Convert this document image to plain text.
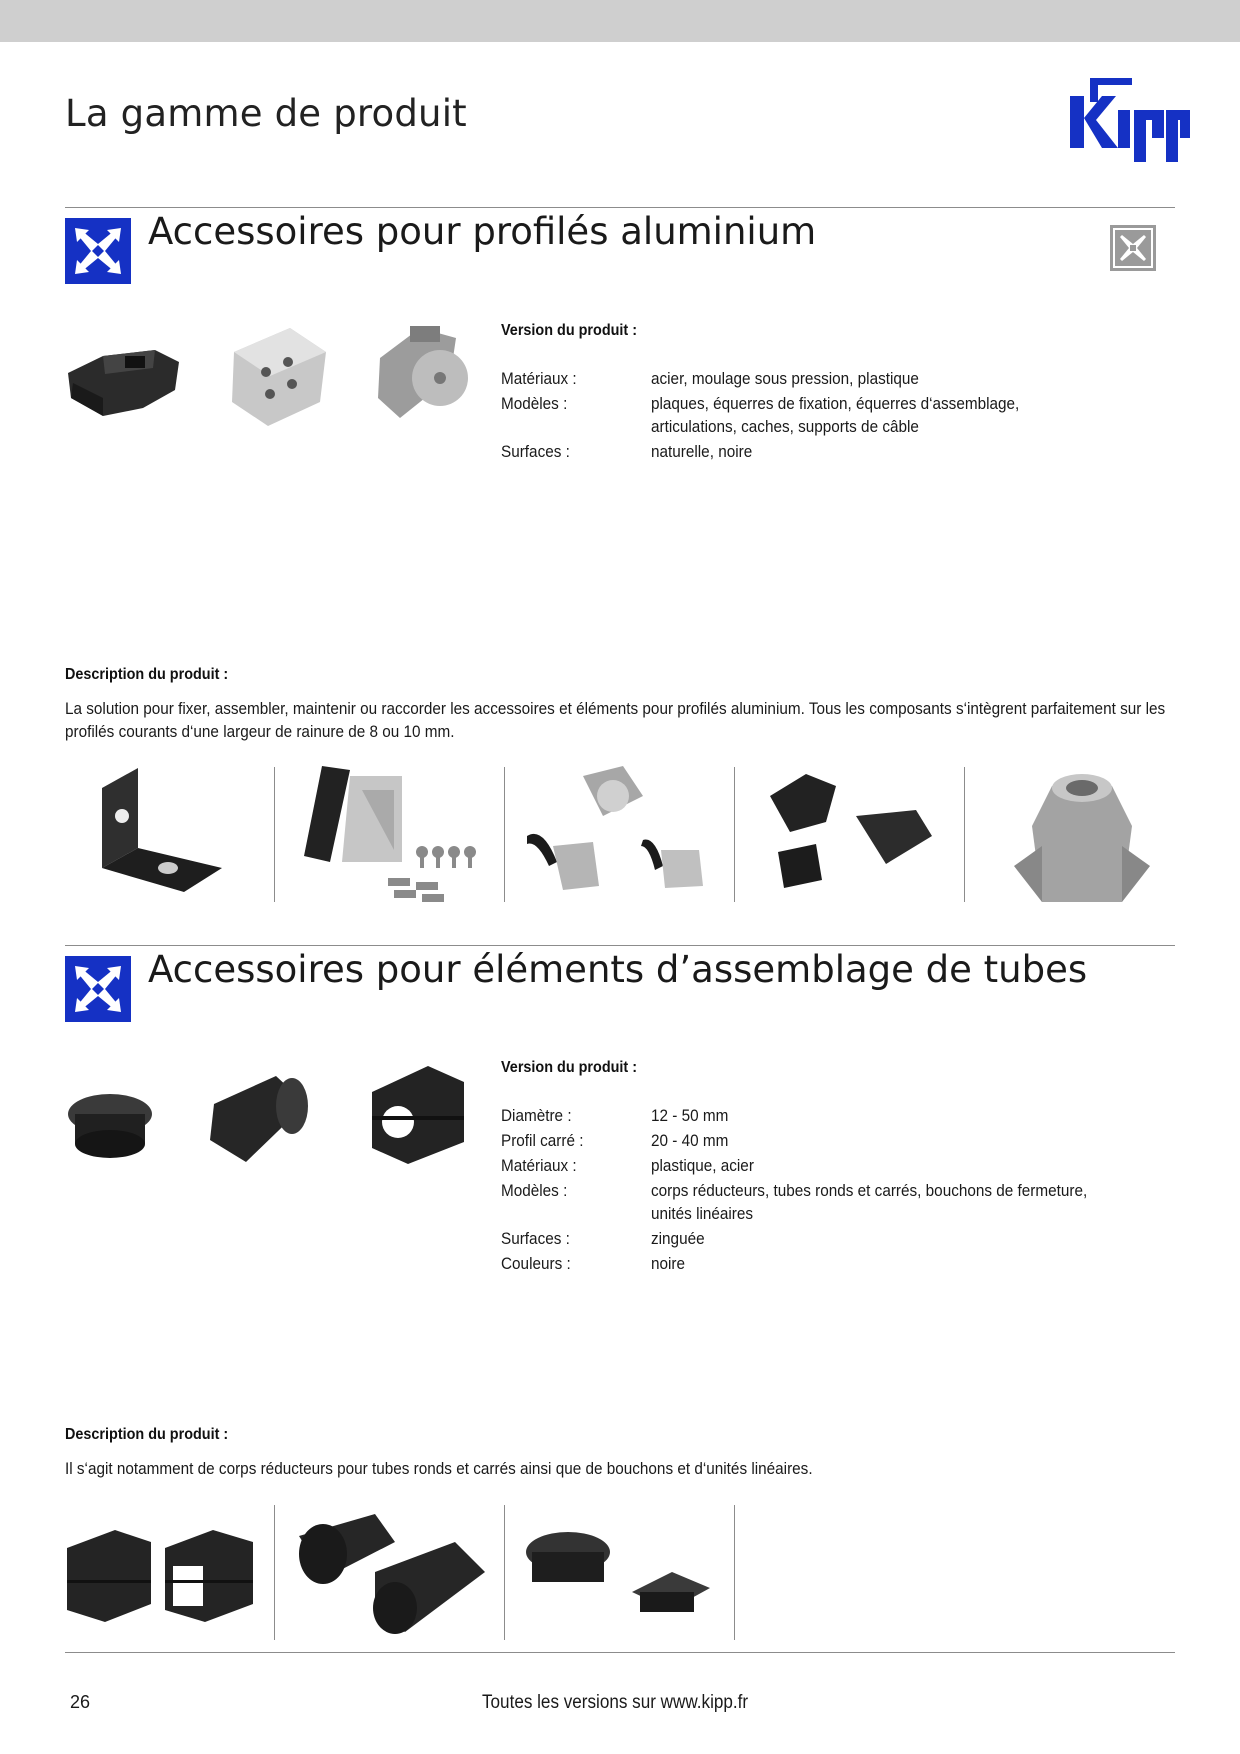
La gamme de produit
Accessoires pour profilés aluminium
Version du produit :
Matériaux :	acier, moulage sous pression, plastique
Modèles :	plaques, équerres de fixation, équerres d‘assemblage, articulations, caches, supports de câble
Surfaces :	naturelle, noire
Description du produit :
La solution pour fixer, assembler, maintenir ou raccorder les accessoires et éléments pour profilés aluminium. Tous les composants s‘intègrent parfaitement sur les profilés courants d‘une largeur de rainure de 8 ou 10 mm.
Accessoires pour éléments d’assemblage de tubes
Version du produit :
Diamètre :	12 - 50 mm
Profil carré :	20 - 40 mm
Matériaux :	plastique, acier
Modèles :	corps réducteurs, tubes ronds et carrés, bouchons de fermeture, unités linéaires
Surfaces :	zinguée
Couleurs :	noire
Description du produit :
Il s‘agit notamment de corps réducteurs pour tubes ronds et carrés ainsi que de bouchons et d‘unités linéaires.
26	Toutes les versions sur www.kipp.fr
